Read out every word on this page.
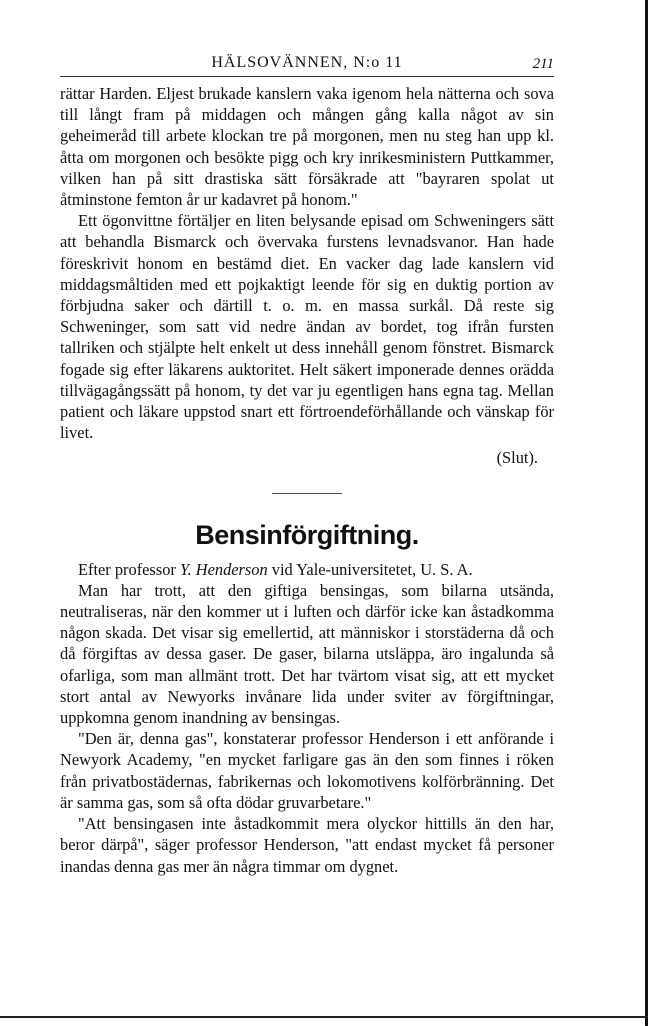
HÄLSOVÄNNEN, N:o 11	211

rättar Harden. Eljest brukade kanslern vaka igenom hela nätterna och sova till långt fram på middagen och mången gång kalla något av sin geheimeråd till arbete klockan tre på morgonen, men nu steg han upp kl. åtta om morgonen och besökte pigg och kry inrikesministern Puttkammer, vilken han på sitt drastiska sätt försäkrade att "bayraren spolat ut åtminstone femton år ur kadavret på honom."

Ett ögonvittne förtäljer en liten belysande episad om Schweningers sätt att behandla Bismarck och övervaka furstens levnadsvanor. Han hade föreskrivit honom en bestämd diet. En vacker dag lade kanslern vid middagsmåltiden med ett pojkaktigt leende för sig en duktig portion av förbjudna saker och därtill t. o. m. en massa surkål. Då reste sig Schweninger, som satt vid nedre ändan av bordet, tog ifrån fursten tallriken och stjälpte helt enkelt ut dess innehåll genom fönstret. Bismarck fogade sig efter läkarens auktoritet. Helt säkert imponerade dennes orädda tillvägagångssätt på honom, ty det var ju egentligen hans egna tag. Mellan patient och läkare uppstod snart ett förtroendeförhållande och vänskap för livet.

(Slut).
Bensinförgiftning.

Efter professor Y. Henderson vid Yale-universitetet, U. S. A.

Man har trott, att den giftiga bensingas, som bilarna utsända, neutraliseras, när den kommer ut i luften och därför icke kan åstadkomma någon skada. Det visar sig emellertid, att människor i storstäderna då och då förgiftas av dessa gaser. De gaser, bilarna utsläppa, äro ingalunda så ofarliga, som man allmänt trott. Det har tvärtom visat sig, att ett mycket stort antal av Newyorks invånare lida under sviter av förgiftningar, uppkomna genom inandning av bensingas.

"Den är, denna gas", konstaterar professor Henderson i ett anförande i Newyork Academy, "en mycket farligare gas än den som finnes i röken från privatbostädernas, fabrikernas och lokomotivens kolförbränning. Det är samma gas, som så ofta dödar gruvarbetare."

"Att bensingasen inte åstadkommit mera olyckor hittills än den har, beror därpå", säger professor Henderson, "att endast mycket få personer inandas denna gas mer än några timmar om dygnet.
